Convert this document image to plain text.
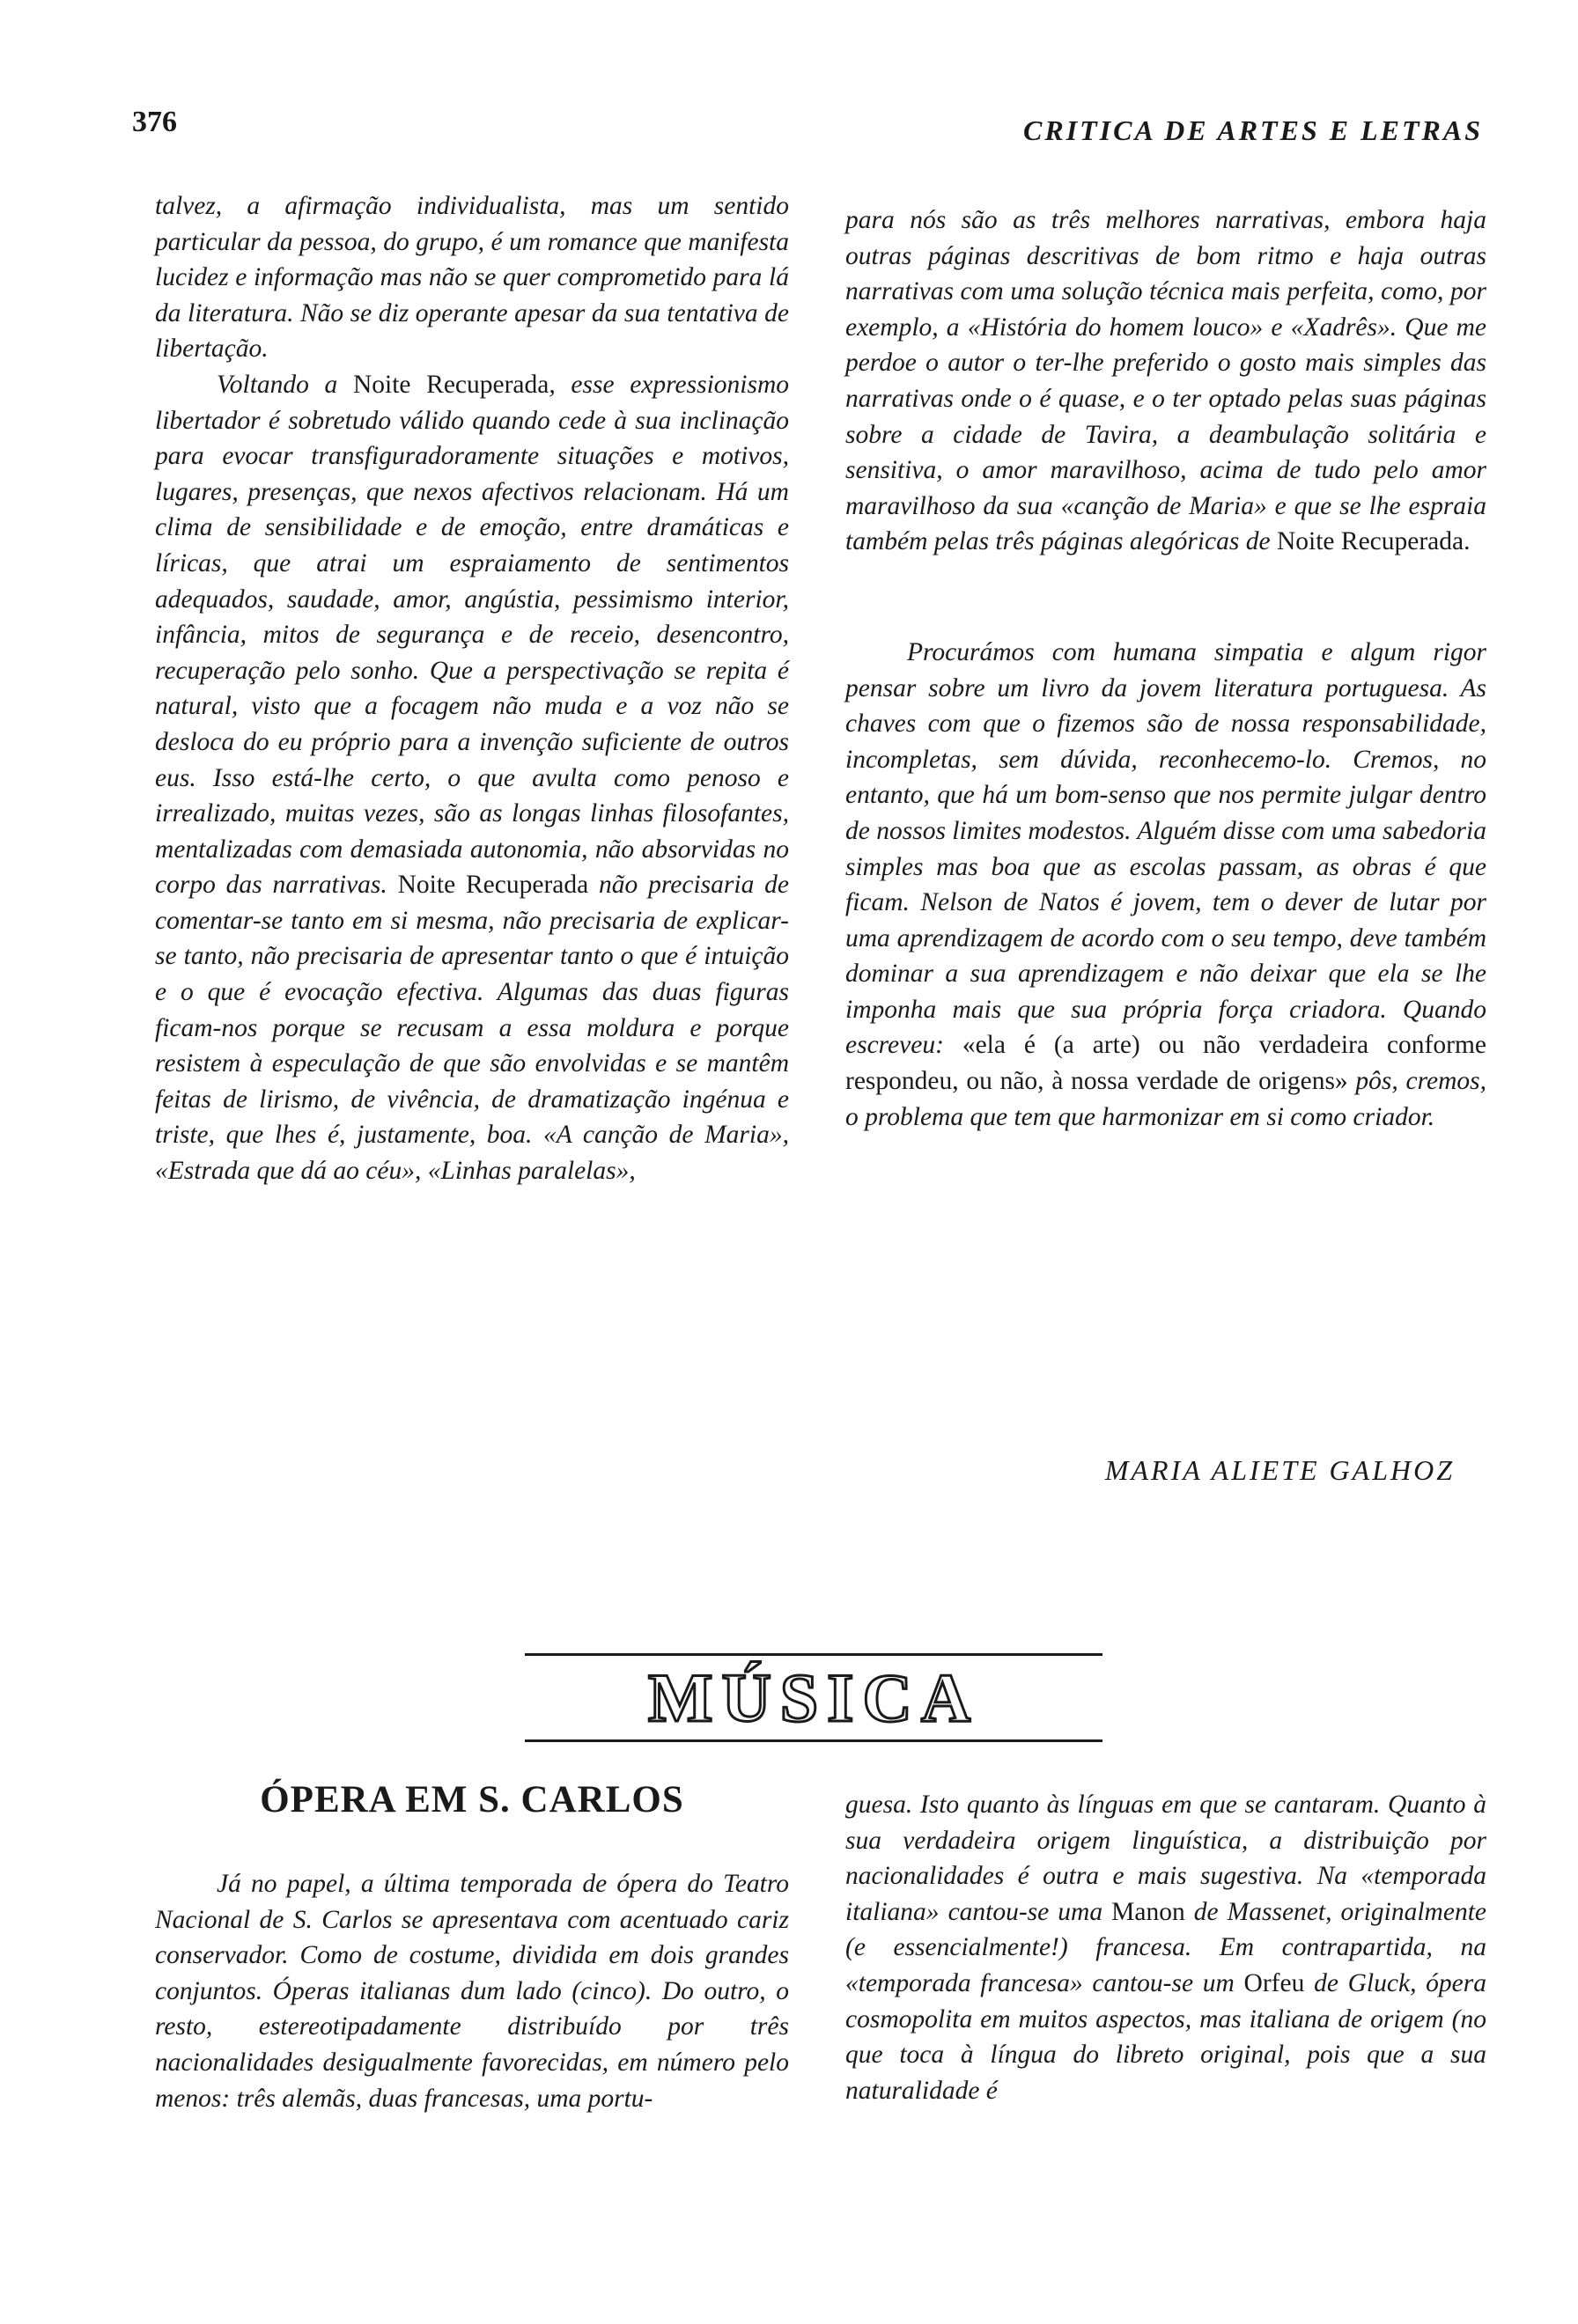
376	CRITICA DE ARTES E LETRAS

talvez, a afirmação individualista, mas um sentido particular da pessoa, do grupo, é um romance que manifesta lucidez e informação mas não se quer comprometido para lá da literatura. Não se diz operante apesar da sua tentativa de libertação.

Voltando a Noite Recuperada, esse expressionismo libertador é sobretudo válido quando cede à sua inclinação para evocar transfiguradoramente situações e motivos, lugares, presenças, que nexos afectivos relacionam. Há um clima de sensibilidade e de emoção, entre dramáticas e líricas, que atrai um espraiamento de sentimentos adequados, saudade, amor, angústia, pessimismo interior, infância, mitos de segurança e de receio, desencontro, recuperação pelo sonho. Que a perspectivação se repita é natural, visto que a focagem não muda e a voz não se desloca do eu próprio para a invenção suficiente de outros eus. Isso está-lhe certo, o que avulta como penoso e irrealizado, muitas vezes, são as longas linhas filosofantes, mentalizadas com demasiada autonomia, não absorvidas no corpo das narrativas. Noite Recuperada não precisaria de comentar-se tanto em si mesma, não precisaria de explicar-se tanto, não precisaria de apresentar tanto o que é intuição e o que é evocação efectiva. Algumas das duas figuras ficam-nos porque se recusam a essa moldura e porque resistem à especulação de que são envolvidas e se mantêm feitas de lirismo, de vivência, de dramatização ingénua e triste, que lhes é, justamente, boa. «A canção de Maria», «Estrada que dá ao céu», «Linhas paralelas»,

para nós são as três melhores narrativas, embora haja outras páginas descritivas de bom ritmo e haja outras narrativas com uma solução técnica mais perfeita, como, por exemplo, a «História do homem louco» e «Xadrês». Que me perdoe o autor o ter-lhe preferido o gosto mais simples das narrativas onde o é quase, e o ter optado pelas suas páginas sobre a cidade de Tavira, a deambulação solitária e sensitiva, o amor maravilhoso, acima de tudo pelo amor maravilhoso da sua «canção de Maria» e que se lhe espraia também pelas três páginas alegóricas de Noite Recuperada.

Procurámos com humana simpatia e algum rigor pensar sobre um livro da jovem literatura portuguesa. As chaves com que o fizemos são de nossa responsabilidade, incompletas, sem dúvida, reconhecemo-lo. Cremos, no entanto, que há um bom-senso que nos permite julgar dentro de nossos limites modestos. Alguém disse com uma sabedoria simples mas boa que as escolas passam, as obras é que ficam. Nelson de Natos é jovem, tem o dever de lutar por uma aprendizagem de acordo com o seu tempo, deve também dominar a sua aprendizagem e não deixar que ela se lhe imponha mais que sua própria força criadora. Quando escreveu: «ela é (a arte) ou não verdadeira conforme respondeu, ou não, à nossa verdade de origens» pôs, cremos, o problema que tem que harmonizar em si como criador.

MARIA ALIETE GALHOZ
MÚSICA
ÓPERA EM S. CARLOS

Já no papel, a última temporada de ópera do Teatro Nacional de S. Carlos se apresentava com acentuado cariz conservador. Como de costume, dividida em dois grandes conjuntos. Óperas italianas dum lado (cinco). Do outro, o resto, estereotipadamente distribuído por três nacionalidades desigualmente favorecidas, em número pelo menos: três alemãs, duas francesas, uma portu-

guesa. Isto quanto às línguas em que se cantaram. Quanto à sua verdadeira origem linguística, a distribuição por nacionalidades é outra e mais sugestiva. Na «temporada italiana» cantou-se uma Manon de Massenet, originalmente (e essencialmente!) francesa. Em contrapartida, na «temporada francesa» cantou-se um Orfeu de Gluck, ópera cosmopolita em muitos aspectos, mas italiana de origem (no que toca à língua do libreto original, pois que a sua naturalidade é
